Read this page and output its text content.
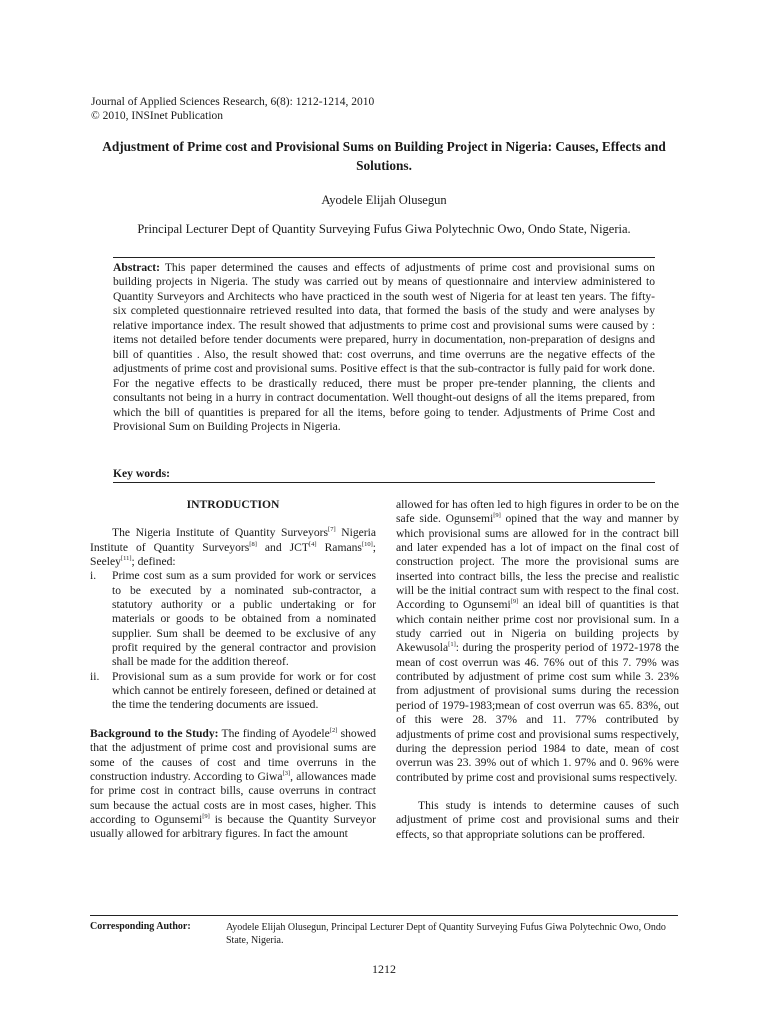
Journal of Applied Sciences Research, 6(8): 1212-1214, 2010
© 2010, INSInet Publication
Adjustment of Prime cost and Provisional Sums on Building Project in Nigeria: Causes, Effects and Solutions.
Ayodele Elijah Olusegun
Principal Lecturer Dept of Quantity Surveying Fufus Giwa Polytechnic Owo, Ondo State, Nigeria.
Abstract: This paper determined the causes and effects of adjustments of prime cost and provisional sums on building projects in Nigeria. The study was carried out by means of questionnaire and interview administered to Quantity Surveyors and Architects who have practiced in the south west of Nigeria for at least ten years. The fifty-six completed questionnaire retrieved resulted into data, that formed the basis of the study and were analyses by relative importance index. The result showed that adjustments to prime cost and provisional sums were caused by : items not detailed before tender documents were prepared, hurry in documentation, non-preparation of designs and bill of quantities . Also, the result showed that: cost overruns, and time overruns are the negative effects of the adjustments of prime cost and provisional sums. Positive effect is that the sub-contractor is fully paid for work done. For the negative effects to be drastically reduced, there must be proper pre-tender planning, the clients and consultants not being in a hurry in contract documentation. Well thought-out designs of all the items prepared, from which the bill of quantities is prepared for all the items, before going to tender. Adjustments of Prime Cost and Provisional Sum on Building Projects in Nigeria.
Key words:
INTRODUCTION

The Nigeria Institute of Quantity Surveyors[7] Nigeria Institute of Quantity Surveyors[8] and JCT[4] Ramans[10]; Seeley[11]; defined:

i. Prime cost sum as a sum provided for work or services to be executed by a nominated sub-contractor, a statutory authority or a public undertaking or for materials or goods to be obtained from a nominated supplier. Sum shall be deemed to be exclusive of any profit required by the general contractor and provision shall be made for the addition thereof.
ii. Provisional sum as a sum provide for work or for cost which cannot be entirely foreseen, defined or detained at the time the tendering documents are issued.

Background to the Study: The finding of Ayodele[2] showed that the adjustment of prime cost and provisional sums are some of the causes of cost and time overruns in the construction industry. According to Giwa[3], allowances made for prime cost in contract bills, cause overruns in contract sum because the actual costs are in most cases, higher. This according to Ogunsemi[9] is because the Quantity Surveyor usually allowed for arbitrary figures. In fact the amount

allowed for has often led to high figures in order to be on the safe side. Ogunsemi[9] opined that the way and manner by which provisional sums are allowed for in the contract bill and later expended has a lot of impact on the final cost of construction project. The more the provisional sums are inserted into contract bills, the less the precise and realistic will be the initial contract sum with respect to the final cost. According to Ogunsemi[9] an ideal bill of quantities is that which contain neither prime cost nor provisional sum. In a study carried out in Nigeria on building projects by Akewusola[1]: during the prosperity period of 1972-1978 the mean of cost overrun was 46. 76% out of this 7. 79% was contributed by adjustment of prime cost sum while 3. 23% from adjustment of provisional sums during the recession period of 1979-1983;mean of cost overrun was 65. 83%, out of this were 28. 37% and 11. 77% contributed by adjustments of prime cost and provisional sums respectively, during the depression period 1984 to date, mean of cost overrun was 23. 39% out of which 1. 97% and 0. 96% were contributed by prime cost and provisional sums respectively.

This study is intends to determine causes of such adjustment of prime cost and provisional sums and their effects, so that appropriate solutions can be proffered.

Corresponding Author:	Ayodele Elijah Olusegun, Principal Lecturer Dept of Quantity Surveying Fufus Giwa Polytechnic Owo, Ondo State, Nigeria.
1212
